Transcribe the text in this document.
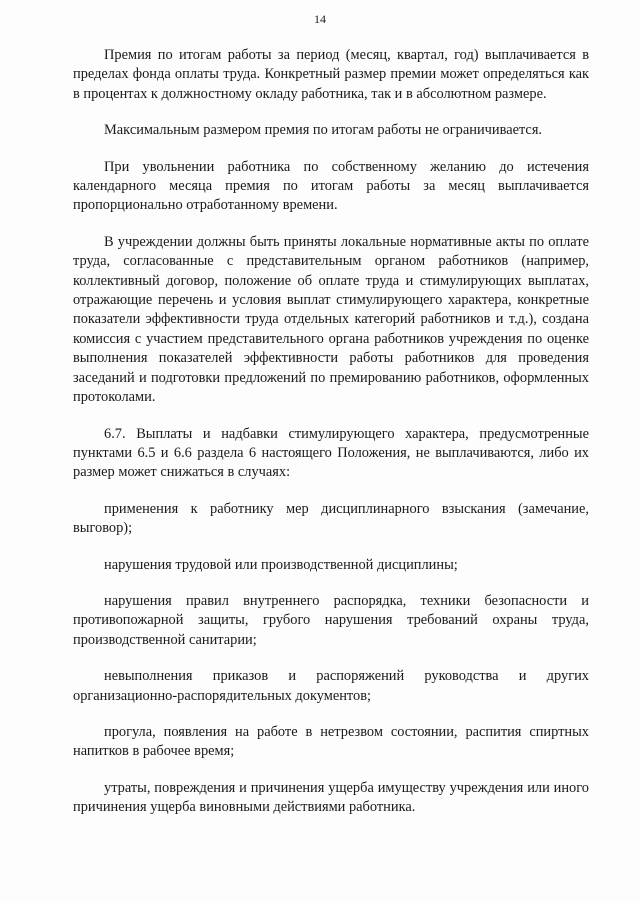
14

Премия по итогам работы за период (месяц, квартал, год) выплачивается в пределах фонда оплаты труда. Конкретный размер премии может определяться как в процентах к должностному окладу работника, так и в абсолютном размере.

Максимальным размером премия по итогам работы не ограничивается.

При увольнении работника по собственному желанию до истечения календарного месяца премия по итогам работы за месяц выплачивается пропорционально отработанному времени.

В учреждении должны быть приняты локальные нормативные акты по оплате труда, согласованные с представительным органом работников (например, коллективный договор, положение об оплате труда и стимулирующих выплатах, отражающие перечень и условия выплат стимулирующего характера, конкретные показатели эффективности труда отдельных категорий работников и т.д.), создана комиссия с участием представительного органа работников учреждения по оценке выполнения показателей эффективности работы работников для проведения заседаний и подготовки предложений по премированию работников, оформленных протоколами.

6.7. Выплаты и надбавки стимулирующего характера, предусмотренные пунктами 6.5 и 6.6 раздела 6 настоящего Положения, не выплачиваются, либо их размер может снижаться в случаях:

применения к работнику мер дисциплинарного взыскания (замечание, выговор);

нарушения трудовой или производственной дисциплины;

нарушения правил внутреннего распорядка, техники безопасности и противопожарной защиты, грубого нарушения требований охраны труда, производственной санитарии;

невыполнения приказов и распоряжений руководства и других организационно-распорядительных документов;

прогула, появления на работе в нетрезвом состоянии, распития спиртных напитков в рабочее время;

утраты, повреждения и причинения ущерба имуществу учреждения или иного причинения ущерба виновными действиями работника.
